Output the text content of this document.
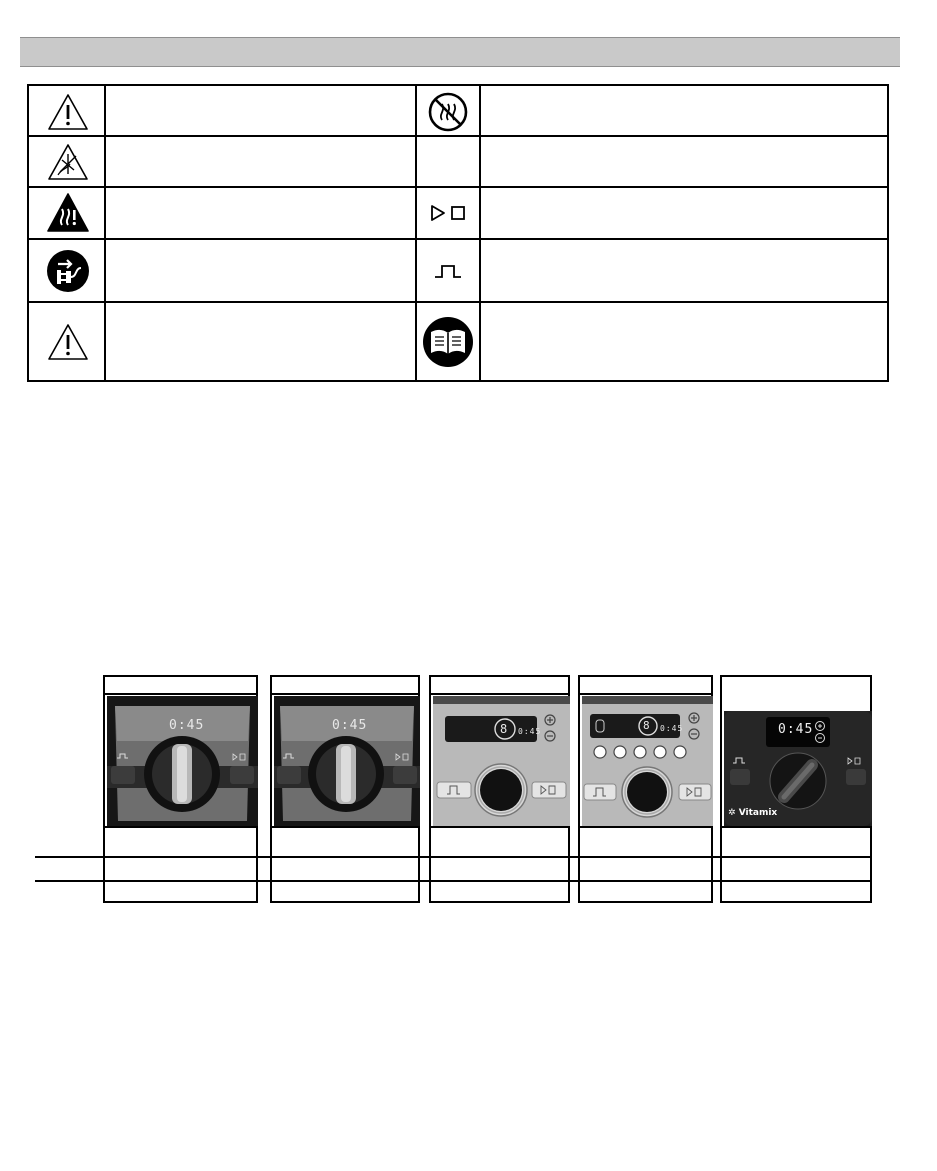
0:45	0:45	8 0:45	8 0:45	0:45
✲ Vitamix
